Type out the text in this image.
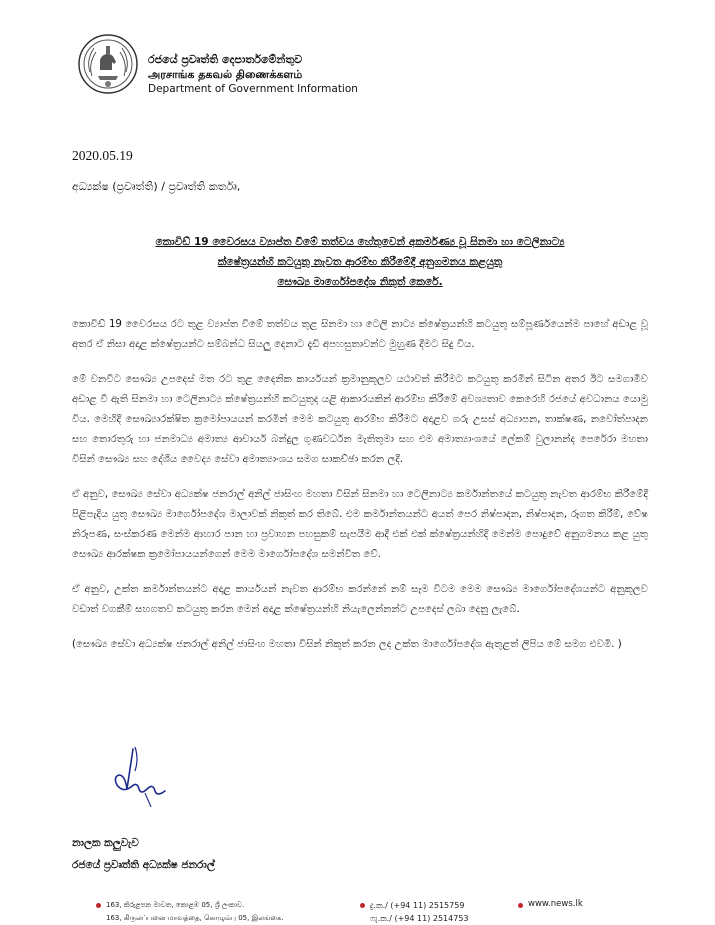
රජයේ ප්‍රවෘත්ති දෙපාර්තමේන්තුව
அரசாங்க தகவல் திணைக்களம்
Department of Government Information
2020.05.19
අධ්‍යක්ෂ (ප්‍රවෘත්ති) / ප්‍රවෘත්ති කර්තෘ,
කොවිඩ් 19 වෛරසය ව්‍යාප්ත වීමේ තත්වය හේතුවෙන් අකර්මණ්‍ය වූ සිනමා හා ටෙලිනාට්‍ය
ක්ෂේත්‍රයන්හි කටයුතු නැවත ආරම්භ කිරීමේදී අනුගමනය කළයුතු
සෞඛ්‍ය මාර්ගෝපදේශ නිකුත් කෙරේ.

කොවිඩ් 19 වෛරසය රට තුළ ව්‍යාප්ත වීමේ තත්වය තුළ සිනමා හා ටෙලි නාට්‍ය ක්ෂේත්‍රයන්හි කටයුතු සම්පූර්ණයෙන්ම පාහේ අඩාළ වූ අතර ඒ නිසා අදාළ ක්ෂේත්‍රයන්ට සම්බන්ධ සියලු දෙනාට දැඩි අපහසුතාවන්ට මුහුණ දීමට සිදු විය.

මේ වනවිට සෞඛ්‍ය උපදෙස් මත රට තුළ දෛනික කාර්යයන් ක්‍රමානුකූලව යථාවත් කිරීමට කටයුතු කරමින් සිටින අතර ඊට සමගාමීව අඩාළ වී ඇති සිනමා හා ටෙලිනාට්‍ය ක්ෂේත්‍රයන්හි කටයුතුද යළි ආකාරයකින් ආරම්භ කිරීමේ අවශ්‍යතාව කෙරෙහි රජයේ අවධානය යොමු විය. මෙහිදී සෞඛ්‍යාරක්ෂිත ක්‍රමෝපායයන් කරමින් මෙම කටයුතු ආරම්භ කිරීමට අදාළව ගරු උසස් අධ්‍යාපන, තාක්ෂණ, නවෝත්පාදන සහ තොරතුරු හා ජනමාධ්‍ය අමාත්‍ය ආචාර්ය බන්දුල ගුණවර්ධන මැතිතුමා සහ එම අමාත්‍යාංශයේ ලේකම් වුලානන්ද පෙරේරා මහතා විසින් සෞඛ්‍ය සහ දේශීය වෛද්‍ය සේවා අමාත්‍යාංශය සමග සාකච්ඡා කරන ලදී.

ඒ අනුව, සෞඛ්‍ය සේවා අධ්‍යක්ෂ ජනරාල් අනිල් ජාසිංහ මහතා විසින් සිනමා හා ටෙලිනාට්‍ය කර්මාන්තයේ කටයුතු නැවත ආරම්භ කිරීමේදී පිළිපැදිය යුතු සෞඛ්‍ය මාර්ගෝපදේශ මාලාවක් නිකුත් කර තිබේ. එම කර්මාන්තයන්ට අයත් පෙර නිෂ්පාදන, නිෂ්පාදන, රූගත කිරීම්, වේෂ නිරූපණ, සංස්කරණ මෙන්ම ආහාර පාන හා ප්‍රවාහන පහසුකම් සැපයීම ආදී එක් එක් ක්ෂේත්‍රයන්හිදී මෙන්ම පොදුවේ අනුගමනය කළ යුතු සෞඛ්‍ය ආරක්ෂක ක්‍රමෝපායයන්ගෙන් මෙම මාර්ගෝපදේශ සමන්විත වේ.

ඒ අනුව, උක්ත කර්මාන්තයන්ට අදාළ කාර්යයන් නැවත ආරම්භ කරන්නේ නම් සෑම විටම මෙම සෞඛ්‍ය මාර්ගෝපදේශයන්ට අනුකූලව වඩාත් වගකීම් සහගතව කටයුතු කරන මෙන් අදාළ ක්ෂේත්‍රයන්හි නියැලෙන්නන්ට උපදෙස් ලබා දෙනු ලැබේ.

(සෞඛ්‍ය සේවා අධ්‍යක්ෂ ජනරාල් අනිල් ජාසිංහ මහතා විසින් නිකුත් කරන ලද උක්ත මාර්ගෝපදේශ ඇතුළත් ලිපිය මේ සමග එවමි. )

නාලක කලුවැව
රජයේ ප්‍රවෘත්ති අධ්‍යක්ෂ ජනරාල්
163, කිරුළපන මාවත, කොළඹ 05, ශ්‍රී ලංකාව.
163, கிருலப்பனை மாவத்தை, கொழும்பு 05, இலங்கை.
දු.ක./ (+94 11) 2515759
ෆැ.ක./ (+94 11) 2514753
www.news.lk
